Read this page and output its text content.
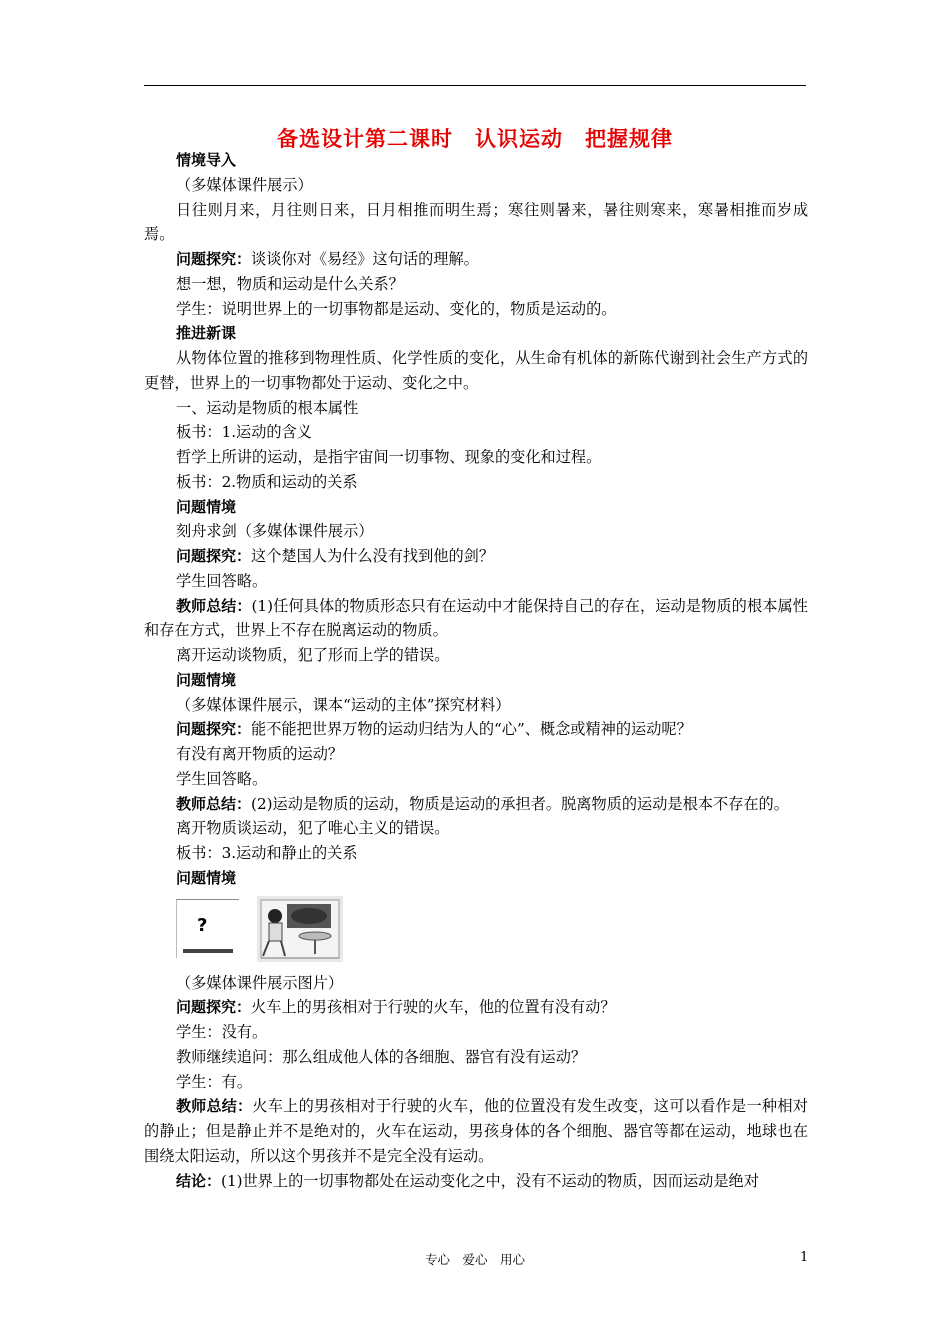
备选设计第二课时　认识运动　把握规律

情境导入

（多媒体课件展示）

日往则月来，月往则日来，日月相推而明生焉；寒往则暑来，暑往则寒来，寒暑相推而岁成焉。

问题探究：谈谈你对《易经》这句话的理解。

想一想，物质和运动是什么关系？

学生：说明世界上的一切事物都是运动、变化的，物质是运动的。

推进新课

从物体位置的推移到物理性质、化学性质的变化，从生命有机体的新陈代谢到社会生产方式的更替，世界上的一切事物都处于运动、变化之中。

一、运动是物质的根本属性

板书：1.运动的含义

哲学上所讲的运动，是指宇宙间一切事物、现象的变化和过程。

板书：2.物质和运动的关系

问题情境

刻舟求剑（多媒体课件展示）

问题探究：这个楚国人为什么没有找到他的剑？

学生回答略。

教师总结：(1)任何具体的物质形态只有在运动中才能保持自己的存在，运动是物质的根本属性和存在方式，世界上不存在脱离运动的物质。

离开运动谈物质，犯了形而上学的错误。

问题情境

（多媒体课件展示，课本“运动的主体”探究材料）

问题探究：能不能把世界万物的运动归结为人的“心”、概念或精神的运动呢？

有没有离开物质的运动？

学生回答略。

教师总结：(2)运动是物质的运动，物质是运动的承担者。脱离物质的运动是根本不存在的。

离开物质谈运动，犯了唯心主义的错误。

板书：3.运动和静止的关系

问题情境

?

（多媒体课件展示图片）

问题探究：火车上的男孩相对于行驶的火车，他的位置有没有动？

学生：没有。

教师继续追问：那么组成他人体的各细胞、器官有没有运动？

学生：有。

教师总结：火车上的男孩相对于行驶的火车，他的位置没有发生改变，这可以看作是一种相对的静止；但是静止并不是绝对的，火车在运动，男孩身体的各个细胞、器官等都在运动，地球也在围绕太阳运动，所以这个男孩并不是完全没有运动。

结论：(1)世界上的一切事物都处在运动变化之中，没有不运动的物质，因而运动是绝对

专心　爱心　用心	1
